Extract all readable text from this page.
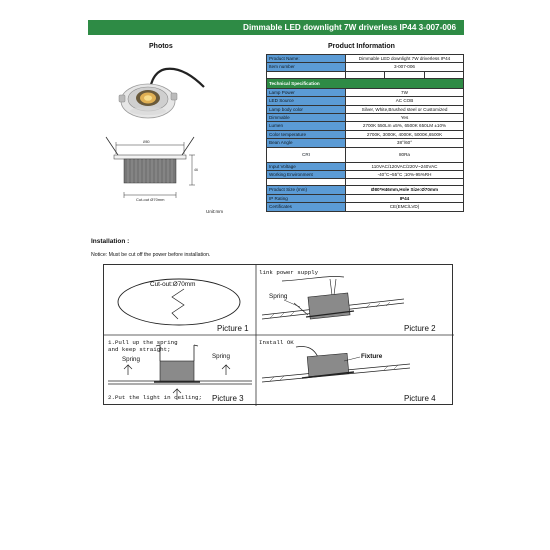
Dimmable LED downlight 7W driverless IP44 3-007-006
Photos	Product Information
Ø80
46
Cut-out Ø70mm
Unit:mm
Product Name:	Dimmable LED downlight 7W driverless IP44		
Item number	3-007-006		

Technical Specification			
Lamp Power	7W		
LED Source	AC COB		
Lamp body color	Silver, White,Brushed steel or Customized		
Dimmable	Yes		
Lumen	2700K 550Lm ±5%, 6500K 650LM ±10%		
Color temperature	2700K, 3000K, 4000K, 5000K,6500K		
Bean Angle	38°/60°		
CRI	80Ra		
Input Voltage	110VAC/120VAC/220V~240VAC		
Working Environment	-40°C~55°C ;10%-95%RH		

Product Size (mm)	Ø80*H46mm,Hole Size:Ø70mm		
IP Rating	IP44		
Certificates	CE(EMC/LVD)		
Installation :
Notice: Must be cut off the power before installation.
Cut-out:Ø70mm
Picture 1
link power supply
Spring
Picture 2
1.Pull up the spring
and keep straight;
Spring	Spring
2.Put the light in ceiling; Picture 3
Install OK
Fixture
Picture 4
